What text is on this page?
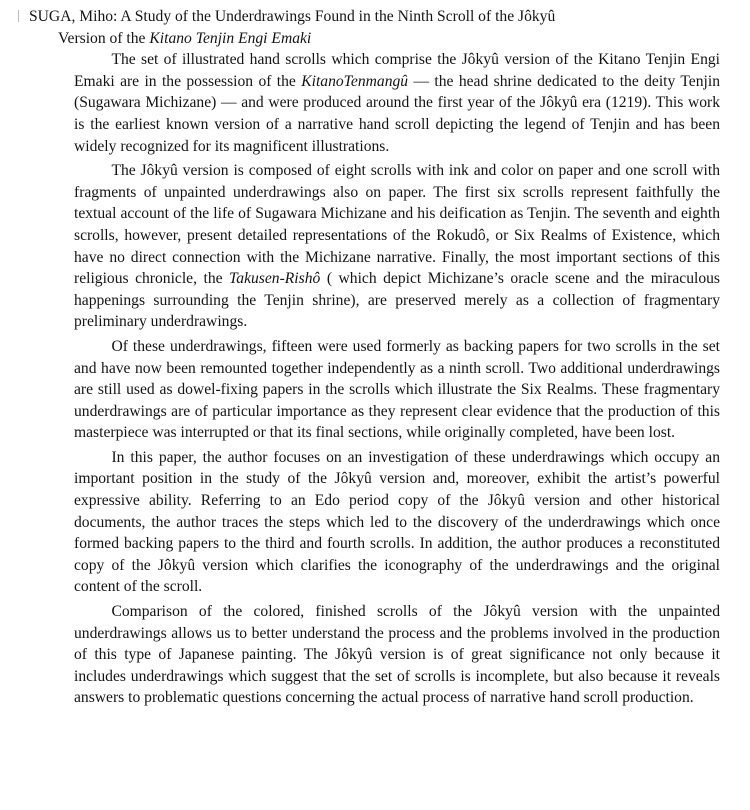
SUGA, Miho: A Study of the Underdrawings Found in the Ninth Scroll of the Jôkyû
Version of the Kitano Tenjin Engi Emaki

The set of illustrated hand scrolls which comprise the Jôkyû version of the Kitano Tenjin Engi Emaki are in the possession of the KitanoTenmangû — the head shrine dedicated to the deity Tenjin (Sugawara Michizane) — and were produced around the first year of the Jôkyû era (1219). This work is the earliest known version of a narrative hand scroll depicting the legend of Tenjin and has been widely recognized for its magnificent illustrations.

The Jôkyû version is composed of eight scrolls with ink and color on paper and one scroll with fragments of unpainted underdrawings also on paper. The first six scrolls represent faithfully the textual account of the life of Sugawara Michizane and his deification as Tenjin. The seventh and eighth scrolls, however, present detailed representations of the Rokudô, or Six Realms of Existence, which have no direct connection with the Michizane narrative. Finally, the most important sections of this religious chronicle, the Takusen-Rishô ( which depict Michizane’s oracle scene and the miraculous happenings surrounding the Tenjin shrine), are preserved merely as a collection of fragmentary preliminary underdrawings.

Of these underdrawings, fifteen were used formerly as backing papers for two scrolls in the set and have now been remounted together independently as a ninth scroll. Two additional underdrawings are still used as dowel-fixing papers in the scrolls which illustrate the Six Realms. These fragmentary underdrawings are of particular importance as they represent clear evidence that the production of this masterpiece was interrupted or that its final sections, while originally completed, have been lost.

In this paper, the author focuses on an investigation of these underdrawings which occupy an important position in the study of the Jôkyû version and, moreover, exhibit the artist’s powerful expressive ability. Referring to an Edo period copy of the Jôkyû version and other historical documents, the author traces the steps which led to the discovery of the underdrawings which once formed backing papers to the third and fourth scrolls. In addition, the author produces a reconstituted copy of the Jôkyû version which clarifies the iconography of the underdrawings and the original content of the scroll.

Comparison of the colored, finished scrolls of the Jôkyû version with the unpainted underdrawings allows us to better understand the process and the problems involved in the production of this type of Japanese painting. The Jôkyû version is of great significance not only because it includes underdrawings which suggest that the set of scrolls is incomplete, but also because it reveals answers to problematic questions concerning the actual process of narrative hand scroll production.
